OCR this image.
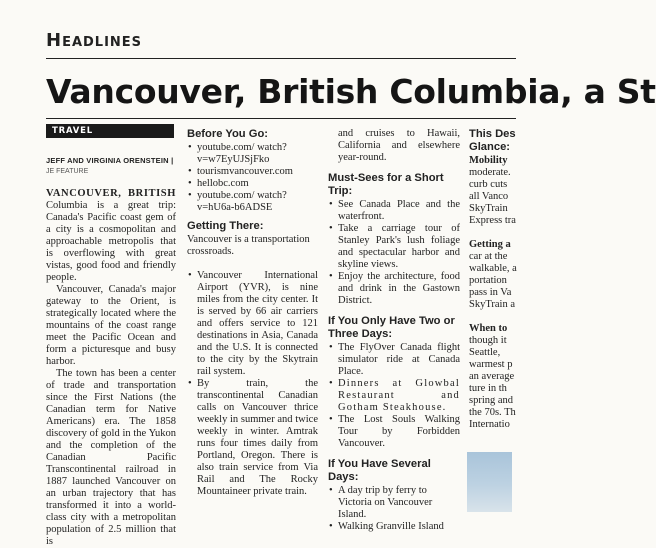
Headlines
Vancouver, British Columbia, a St
TRAVEL
JEFF AND VIRGINIA ORENSTEIN |
JE FEATURE

VANCOUVER, BRITISH Columbia is a great trip: Canada's Pacific coast gem of a city is a cosmopolitan and approachable metropolis that is overflowing with great vistas, good food and friendly people.

Vancouver, Canada's major gateway to the Orient, is strategically located where the mountains of the coast range meet the Pacific Ocean and form a picturesque and busy harbor.

The town has been a center of trade and transportation since the First Nations (the Canadian term for Native Americans) era. The 1858 discovery of gold in the Yukon and the completion of the Canadian Pacific Transcontinental railroad in 1887 launched Vancouver on an urban trajectory that has transformed it into a world-class city with a metropolitan population of 2.5 million that is

Before You Go:
• youtube.com/ watch?v=w7EyUJSjFko
• tourismvancouver.com
• hellobc.com
• youtube.com/ watch?v=hU6a-b6ADSE
Getting There:

Vancouver is a transportation crossroads.

• Vancouver International Airport (YVR), is nine miles from the city center. It is served by 66 air carriers and offers service to 121 destinations in Asia, Canada and the U.S. It is connected to the city by the Skytrain rail system.
• By train, the transcontinental Canadian calls on Vancouver thrice weekly in summer and twice weekly in winter. Amtrak runs four times daily from Portland, Oregon. There is also train service from Via Rail and The Rocky Mountaineer private train.

and cruises to Hawaii, California and elsewhere year-round.

Must-Sees for a Short Trip:
• See Canada Place and the waterfront.
• Take a carriage tour of Stanley Park's lush foliage and spectacular harbor and skyline views.
• Enjoy the architecture, food and drink in the Gastown District.
If You Only Have Two or Three Days:
• The FlyOver Canada flight simulator ride at Canada Place.
• Dinners at Glowbal Restaurant and Gotham Steakhouse.
• The Lost Souls Walking Tour by Forbidden Vancouver.
If You Have Several Days:
• A day trip by ferry to Victoria on Vancouver Island.
• Walking Granville Island
This Des Glance:
Mobility
moderate.
curb cuts
all Vanco
SkyTrain
Express tra
Getting a
car at the
walkable, a
portation
pass in Va
SkyTrain a
When to
though it
Seattle,
warmest p
an average
ture in th
spring and
the 70s. Th
Internatio
